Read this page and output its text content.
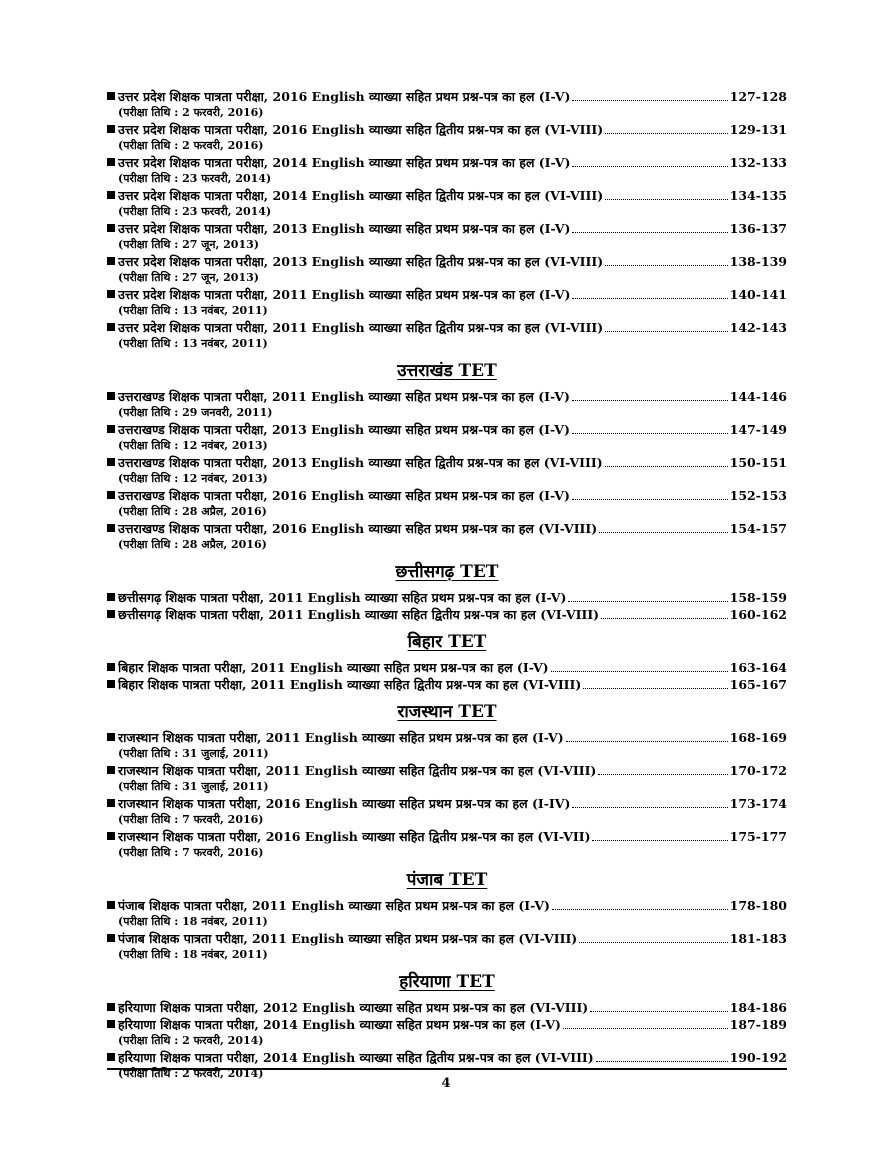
उत्तर प्रदेश शिक्षक पात्रता परीक्षा, 2016 English व्याख्या सहित प्रथम प्रश्न-पत्र का हल (I-V)	127-128
(परीक्षा तिथि : 2 फरवरी, 2016)
उत्तर प्रदेश शिक्षक पात्रता परीक्षा, 2016 English व्याख्या सहित द्वितीय प्रश्न-पत्र का हल (VI-VIII)	129-131
(परीक्षा तिथि : 2 फरवरी, 2016)
उत्तर प्रदेश शिक्षक पात्रता परीक्षा, 2014 English व्याख्या सहित प्रथम प्रश्न-पत्र का हल (I-V)	132-133
(परीक्षा तिथि : 23 फरवरी, 2014)
उत्तर प्रदेश शिक्षक पात्रता परीक्षा, 2014 English व्याख्या सहित द्वितीय प्रश्न-पत्र का हल (VI-VIII)	134-135
(परीक्षा तिथि : 23 फरवरी, 2014)
उत्तर प्रदेश शिक्षक पात्रता परीक्षा, 2013 English व्याख्या सहित प्रथम प्रश्न-पत्र का हल (I-V)	136-137
(परीक्षा तिथि : 27 जून, 2013)
उत्तर प्रदेश शिक्षक पात्रता परीक्षा, 2013 English व्याख्या सहित द्वितीय प्रश्न-पत्र का हल (VI-VIII)	138-139
(परीक्षा तिथि : 27 जून, 2013)
उत्तर प्रदेश शिक्षक पात्रता परीक्षा, 2011 English व्याख्या सहित प्रथम प्रश्न-पत्र का हल (I-V)	140-141
(परीक्षा तिथि : 13 नवंबर, 2011)
उत्तर प्रदेश शिक्षक पात्रता परीक्षा, 2011 English व्याख्या सहित द्वितीय प्रश्न-पत्र का हल (VI-VIII)	142-143
(परीक्षा तिथि : 13 नवंबर, 2011)
उत्तराखंड TET
उत्तराखण्ड शिक्षक पात्रता परीक्षा, 2011 English व्याख्या सहित प्रथम प्रश्न-पत्र का हल (I-V)	144-146
(परीक्षा तिथि : 29 जनवरी, 2011)
उत्तराखण्ड शिक्षक पात्रता परीक्षा, 2013 English व्याख्या सहित प्रथम प्रश्न-पत्र का हल (I-V)	147-149
(परीक्षा तिथि : 12 नवंबर, 2013)
उत्तराखण्ड शिक्षक पात्रता परीक्षा, 2013 English व्याख्या सहित द्वितीय प्रश्न-पत्र का हल (VI-VIII)	150-151
(परीक्षा तिथि : 12 नवंबर, 2013)
उत्तराखण्ड शिक्षक पात्रता परीक्षा, 2016 English व्याख्या सहित प्रथम प्रश्न-पत्र का हल (I-V)	152-153
(परीक्षा तिथि : 28 अप्रैल, 2016)
उत्तराखण्ड शिक्षक पात्रता परीक्षा, 2016 English व्याख्या सहित प्रथम प्रश्न-पत्र का हल (VI-VIII)	154-157
(परीक्षा तिथि : 28 अप्रैल, 2016)
छत्तीसगढ़ TET
छत्तीसगढ़ शिक्षक पात्रता परीक्षा, 2011 English व्याख्या सहित प्रथम प्रश्न-पत्र का हल (I-V)	158-159
छत्तीसगढ़ शिक्षक पात्रता परीक्षा, 2011 English व्याख्या सहित द्वितीय प्रश्न-पत्र का हल (VI-VIII)	160-162
बिहार TET
बिहार शिक्षक पात्रता परीक्षा, 2011 English व्याख्या सहित प्रथम प्रश्न-पत्र का हल (I-V)	163-164
बिहार शिक्षक पात्रता परीक्षा, 2011 English व्याख्या सहित द्वितीय प्रश्न-पत्र का हल (VI-VIII)	165-167
राजस्थान TET
राजस्थान शिक्षक पात्रता परीक्षा, 2011 English व्याख्या सहित प्रथम प्रश्न-पत्र का हल (I-V)	168-169
(परीक्षा तिथि : 31 जुलाई, 2011)
राजस्थान शिक्षक पात्रता परीक्षा, 2011 English व्याख्या सहित द्वितीय प्रश्न-पत्र का हल (VI-VIII)	170-172
(परीक्षा तिथि : 31 जुलाई, 2011)
राजस्थान शिक्षक पात्रता परीक्षा, 2016 English व्याख्या सहित प्रथम प्रश्न-पत्र का हल (I-IV)	173-174
(परीक्षा तिथि : 7 फरवरी, 2016)
राजस्थान शिक्षक पात्रता परीक्षा, 2016 English व्याख्या सहित द्वितीय प्रश्न-पत्र का हल (VI-VII)	175-177
(परीक्षा तिथि : 7 फरवरी, 2016)
पंजाब TET
पंजाब शिक्षक पात्रता परीक्षा, 2011 English व्याख्या सहित प्रथम प्रश्न-पत्र का हल (I-V)	178-180
(परीक्षा तिथि : 18 नवंबर, 2011)
पंजाब शिक्षक पात्रता परीक्षा, 2011 English व्याख्या सहित प्रथम प्रश्न-पत्र का हल (VI-VIII)	181-183
(परीक्षा तिथि : 18 नवंबर, 2011)
हरियाणा TET
हरियाणा शिक्षक पात्रता परीक्षा, 2012 English व्याख्या सहित प्रथम प्रश्न-पत्र का हल (VI-VIII)	184-186
हरियाणा शिक्षक पात्रता परीक्षा, 2014 English व्याख्या सहित प्रथम प्रश्न-पत्र का हल (I-V)	187-189
(परीक्षा तिथि : 2 फरवरी, 2014)
हरियाणा शिक्षक पात्रता परीक्षा, 2014 English व्याख्या सहित द्वितीय प्रश्न-पत्र का हल (VI-VIII)	190-192
(परीक्षा तिथि : 2 फरवरी, 2014)
4
